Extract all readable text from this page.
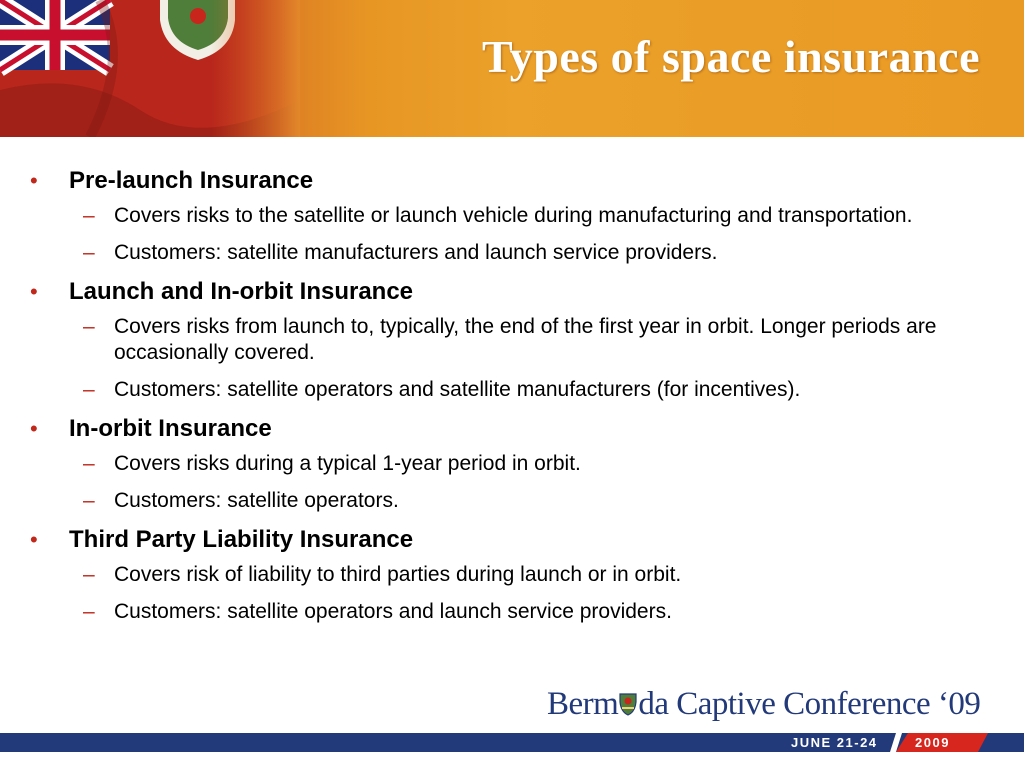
Types of space insurance
• Pre-launch Insurance
– Covers risks to the satellite or launch vehicle during manufacturing and transportation.
– Customers: satellite manufacturers and launch service providers.
• Launch and In-orbit Insurance
– Covers risks from launch to, typically, the end of the first year in orbit. Longer periods are occasionally covered.
– Customers: satellite operators and satellite manufacturers (for incentives).
• In-orbit Insurance
– Covers risks during a typical 1-year period in orbit.
– Customers: satellite operators.
• Third Party Liability Insurance
– Covers risk of liability to third parties during launch or in orbit.
– Customers: satellite operators and launch service providers.
Berm da Captive Conference ‘09
JUNE 21-24	2009
